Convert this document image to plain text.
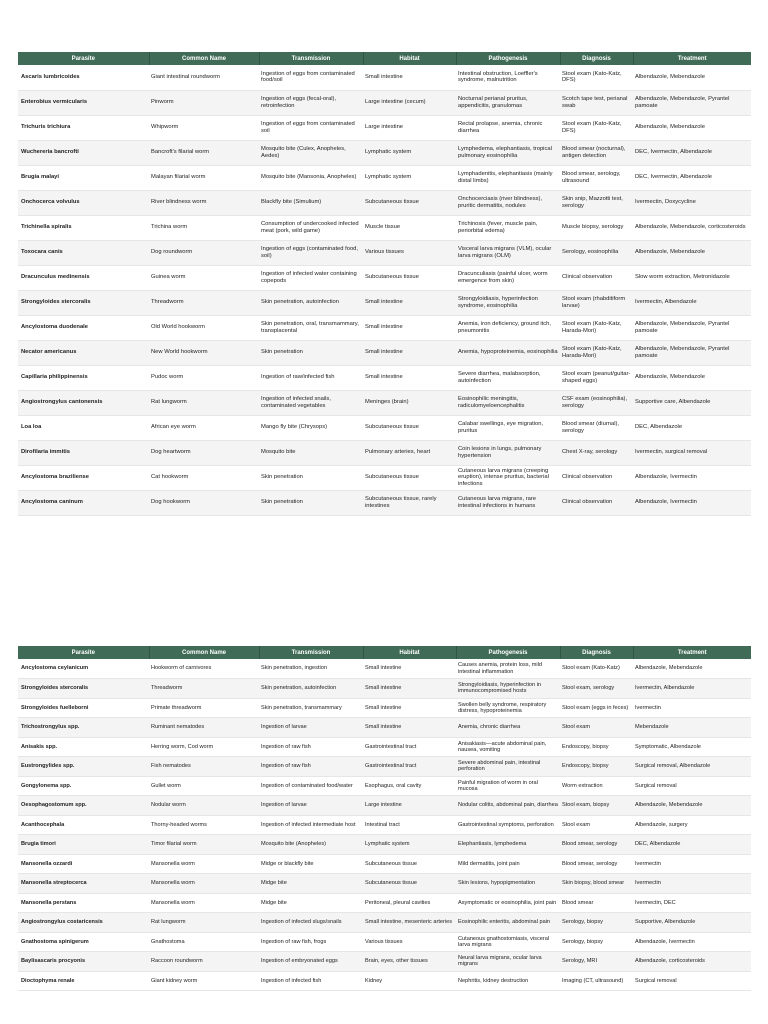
Parasite	Common Name	Transmission	Habitat	Pathogenesis	Diagnosis	Treatment
Ascaris lumbricoides	Giant intestinal roundworm	Ingestion of eggs from contaminated food/soil	Small intestine	Intestinal obstruction, Loeffler's syndrome, malnutrition	Stool exam (Kato-Katz, DFS)	Albendazole, Mebendazole
Enterobius vermicularis	Pinworm	Ingestion of eggs (fecal-oral), retroinfection	Large intestine (cecum)	Nocturnal perianal pruritus, appendicitis, granulomas	Scotch tape test, perianal swab	Albendazole, Mebendazole, Pyrantel pamoate
Trichuris trichiura	Whipworm	Ingestion of eggs from contaminated soil	Large intestine	Rectal prolapse, anemia, chronic diarrhea	Stool exam (Kato-Katz, DFS)	Albendazole, Mebendazole
Wuchereria bancrofti	Bancroft's filarial worm	Mosquito bite (Culex, Anopheles, Aedes)	Lymphatic system	Lymphedema, elephantiasis, tropical pulmonary eosinophilia	Blood smear (nocturnal), antigen detection	DEC, Ivermectin, Albendazole
Brugia malayi	Malayan filarial worm	Mosquito bite (Mansonia, Anopheles)	Lymphatic system	Lymphadenitis, elephantiasis (mainly distal limbs)	Blood smear, serology, ultrasound	DEC, Ivermectin, Albendazole
Onchocerca volvulus	River blindness worm	Blackfly bite (Simulium)	Subcutaneous tissue	Onchocerciasis (river blindness), pruritic dermatitis, nodules	Skin snip, Mazzotti test, serology	Ivermectin, Doxycycline
Trichinella spiralis	Trichina worm	Consumption of undercooked infected meat (pork, wild game)	Muscle tissue	Trichinosis (fever, muscle pain, periorbital edema)	Muscle biopsy, serology	Albendazole, Mebendazole, corticosteroids
Toxocara canis	Dog roundworm	Ingestion of eggs (contaminated food, soil)	Various tissues	Visceral larva migrans (VLM), ocular larva migrans (OLM)	Serology, eosinophilia	Albendazole, Mebendazole
Dracunculus medinensis	Guinea worm	Ingestion of infected water containing copepods	Subcutaneous tissue	Dracunculiasis (painful ulcer, worm emergence from skin)	Clinical observation	Slow worm extraction, Metronidazole
Strongyloides stercoralis	Threadworm	Skin penetration, autoinfection	Small intestine	Strongyloidiasis, hyperinfection syndrome, eosinophilia	Stool exam (rhabditiform larvae)	Ivermectin, Albendazole
Ancylostoma duodenale	Old World hookworm	Skin penetration, oral, transmammary, transplacental	Small intestine	Anemia, iron deficiency, ground itch, pneumonitis	Stool exam (Kato-Katz, Harada-Mori)	Albendazole, Mebendazole, Pyrantel pamoate
Necator americanus	New World hookworm	Skin penetration	Small intestine	Anemia, hypoproteinemia, eosinophilia	Stool exam (Kato-Katz, Harada-Mori)	Albendazole, Mebendazole, Pyrantel pamoate
Capillaria philippinensis	Pudoc worm	Ingestion of raw/infected fish	Small intestine	Severe diarrhea, malabsorption, autoinfection	Stool exam (peanut/guitar-shaped eggs)	Albendazole, Mebendazole
Angiostrongylus cantonensis	Rat lungworm	Ingestion of infected snails, contaminated vegetables	Meninges (brain)	Eosinophilic meningitis, radiculomyeloencephalitis	CSF exam (eosinophilia), serology	Supportive care, Albendazole
Loa loa	African eye worm	Mango fly bite (Chrysops)	Subcutaneous tissue	Calabar swellings, eye migration, pruritus	Blood smear (diurnal), serology	DEC, Albendazole
Dirofilaria immitis	Dog heartworm	Mosquito bite	Pulmonary arteries, heart	Coin lesions in lungs, pulmonary hypertension	Chest X-ray, serology	Ivermectin, surgical removal
Ancylostoma braziliense	Cat hookworm	Skin penetration	Subcutaneous tissue	Cutaneous larva migrans (creeping eruption), intense pruritus, bacterial infections	Clinical observation	Albendazole, Ivermectin
Ancylostoma caninum	Dog hookworm	Skin penetration	Subcutaneous tissue, rarely intestines	Cutaneous larva migrans, rare intestinal infections in humans	Clinical observation	Albendazole, Ivermectin
Parasite	Common Name	Transmission	Habitat	Pathogenesis	Diagnosis	Treatment
Ancylostoma ceylanicum	Hookworm of carnivores	Skin penetration, ingestion	Small intestine	Causes anemia, protein loss, mild intestinal inflammation	Stool exam (Kato-Katz)	Albendazole, Mebendazole
Strongyloides stercoralis	Threadworm	Skin penetration, autoinfection	Small intestine	Strongyloidiasis, hyperinfection in immunocompromised hosts	Stool exam, serology	Ivermectin, Albendazole
Strongyloides fuelleborni	Primate threadworm	Skin penetration, transmammary	Small intestine	Swollen belly syndrome, respiratory distress, hypoproteinemia	Stool exam (eggs in feces)	Ivermectin
Trichostrongylus spp.	Ruminant nematodes	Ingestion of larvae	Small intestine	Anemia, chronic diarrhea	Stool exam	Mebendazole
Anisakis spp.	Herring worm, Cod worm	Ingestion of raw fish	Gastrointestinal tract	Anisakiasis—acute abdominal pain, nausea, vomiting	Endoscopy, biopsy	Symptomatic, Albendazole
Eustrongylides spp.	Fish nematodes	Ingestion of raw fish	Gastrointestinal tract	Severe abdominal pain, intestinal perforation	Endoscopy, biopsy	Surgical removal, Albendazole
Gongylonema spp.	Gullet worm	Ingestion of contaminated food/water	Esophagus, oral cavity	Painful migration of worm in oral mucosa	Worm extraction	Surgical removal
Oesophagostomum spp.	Nodular worm	Ingestion of larvae	Large intestine	Nodular colitis, abdominal pain, diarrhea	Stool exam, biopsy	Albendazole, Mebendazole
Acanthocephala	Thorny-headed worms	Ingestion of infected intermediate host	Intestinal tract	Gastrointestinal symptoms, perforation	Stool exam	Albendazole, surgery
Brugia timori	Timor filarial worm	Mosquito bite (Anopheles)	Lymphatic system	Elephantiasis, lymphedema	Blood smear, serology	DEC, Albendazole
Mansonella ozzardi	Mansonella worm	Midge or blackfly bite	Subcutaneous tissue	Mild dermatitis, joint pain	Blood smear, serology	Ivermectin
Mansonella streptocerca	Mansonella worm	Midge bite	Subcutaneous tissue	Skin lesions, hypopigmentation	Skin biopsy, blood smear	Ivermectin
Mansonella perstans	Mansonella worm	Midge bite	Peritoneal, pleural cavities	Asymptomatic or eosinophilia, joint pain	Blood smear	Ivermectin, DEC
Angiostrongylus costaricensis	Rat lungworm	Ingestion of infected slugs/snails	Small intestine, mesenteric arteries	Eosinophilic enteritis, abdominal pain	Serology, biopsy	Supportive, Albendazole
Gnathostoma spinigerum	Gnathostoma	Ingestion of raw fish, frogs	Various tissues	Cutaneous gnathostomiasis, visceral larva migrans	Serology, biopsy	Albendazole, Ivermectin
Baylisascaris procyonis	Raccoon roundworm	Ingestion of embryonated eggs	Brain, eyes, other tissues	Neural larva migrans, ocular larva migrans	Serology, MRI	Albendazole, corticosteroids
Dioctophyma renale	Giant kidney worm	Ingestion of infected fish	Kidney	Nephritis, kidney destruction	Imaging (CT, ultrasound)	Surgical removal
